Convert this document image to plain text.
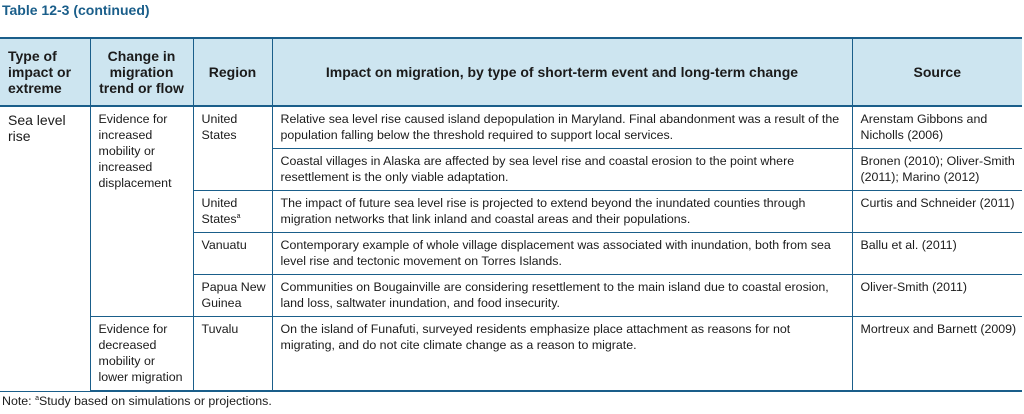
Table 12-3 (continued)
Type of impact or extreme	Change in migration trend or flow	Region	Impact on migration, by type of short-term event and long-term change	Source
Sea level rise	Evidence for increased mobility or increased displacement	United States	Relative sea level rise caused island depopulation in Maryland. Final abandonment was a result of the population falling below the threshold required to support local services.	Arenstam Gibbons and Nicholls (2006)
			Coastal villages in Alaska are affected by sea level rise and coastal erosion to the point where resettlement is the only viable adaptation.	Bronen (2010); Oliver-Smith (2011); Marino (2012)
		United States$^a$	The impact of future sea level rise is projected to extend beyond the inundated counties through migration networks that link inland and coastal areas and their populations.	Curtis and Schneider (2011)
		Vanuatu	Contemporary example of whole village displacement was associated with inundation, both from sea level rise and tectonic movement on Torres Islands.	Ballu et al. (2011)
		Papua New Guinea	Communities on Bougainville are considering resettlement to the main island due to coastal erosion, land loss, saltwater inundation, and food insecurity.	Oliver-Smith (2011)
	Evidence for decreased mobility or lower migration	Tuvalu	On the island of Funafuti, surveyed residents emphasize place attachment as reasons for not migrating, and do not cite climate change as a reason to migrate.	Mortreux and Barnett (2009)
Note: $^a$Study based on simulations or projections.
